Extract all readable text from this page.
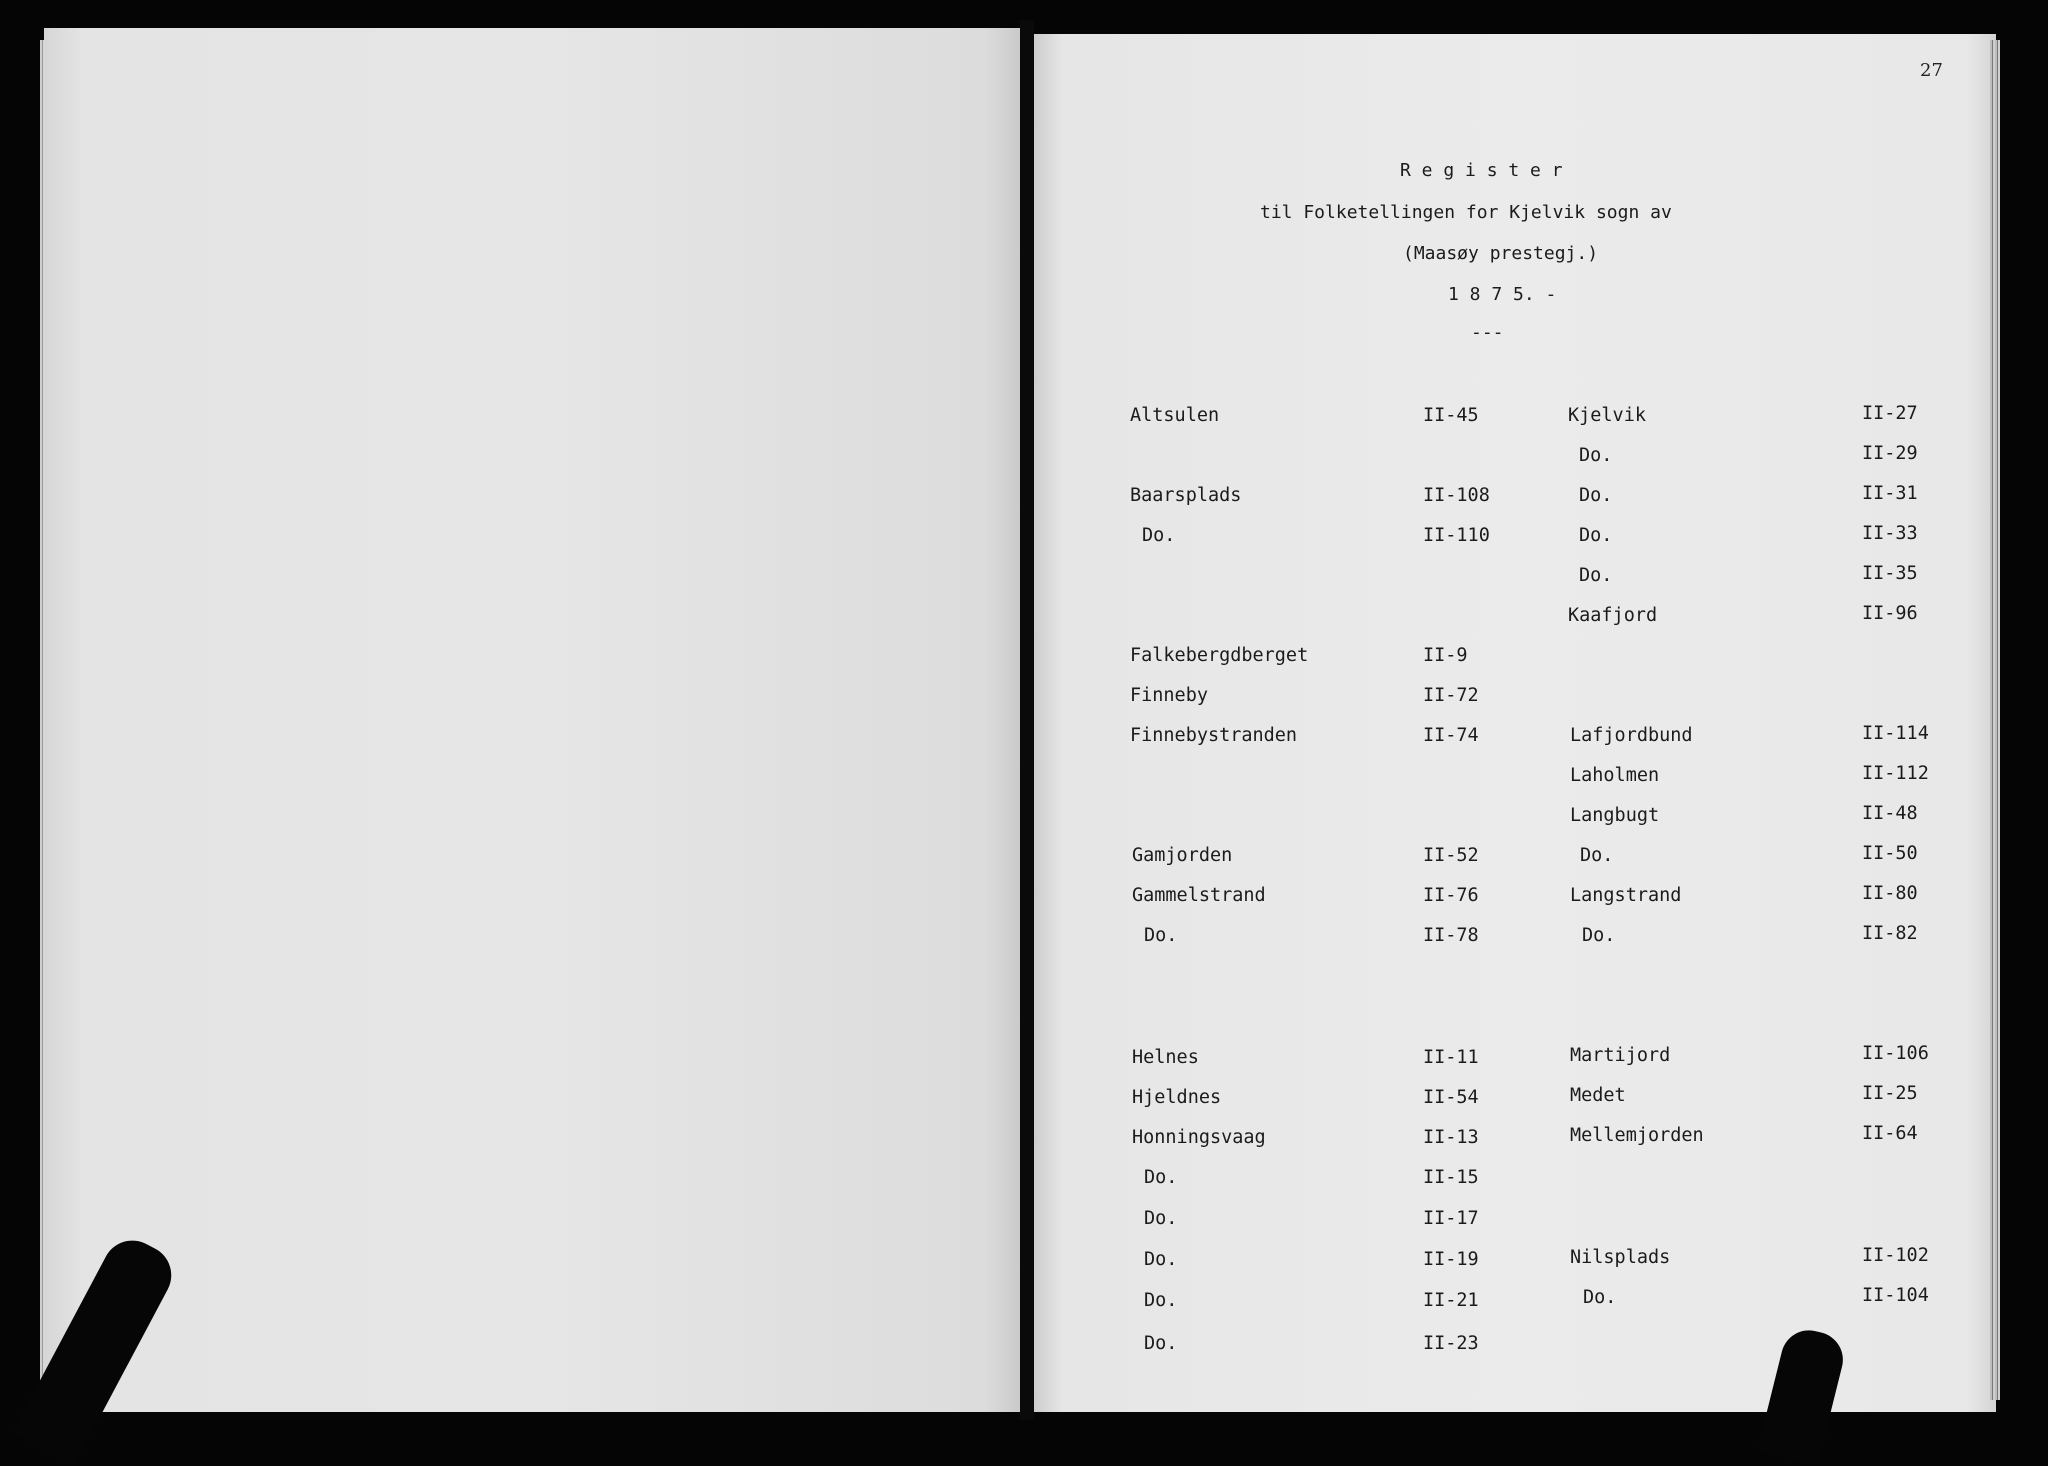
27
R e g i s t e r
til Folketellingen for Kjelvik sogn av
(Maasøy prestegj.)
1 8 7 5. -
---
Altsulen	II-45
Baarsplads	II-108
Do.	II-110
Falkebergdberget	II-9
Finneby	II-72
Finnebystranden	II-74
Gamjorden	II-52
Gammelstrand	II-76
Do.	II-78
Helnes	II-11
Hjeldnes	II-54
Honningsvaag	II-13
Do.	II-15
Do.	II-17
Do.	II-19
Do.	II-21
Do.	II-23
Kjelvik	II-27
Do.	II-29
Do.	II-31
Do.	II-33
Do.	II-35
Kaafjord	II-96
Lafjordbund	II-114
Laholmen	II-112
Langbugt	II-48
Do.	II-50
Langstrand	II-80
Do.	II-82
Martijord	II-106
Medet	II-25
Mellemjorden	II-64
Nilsplads	II-102
Do.	II-104
